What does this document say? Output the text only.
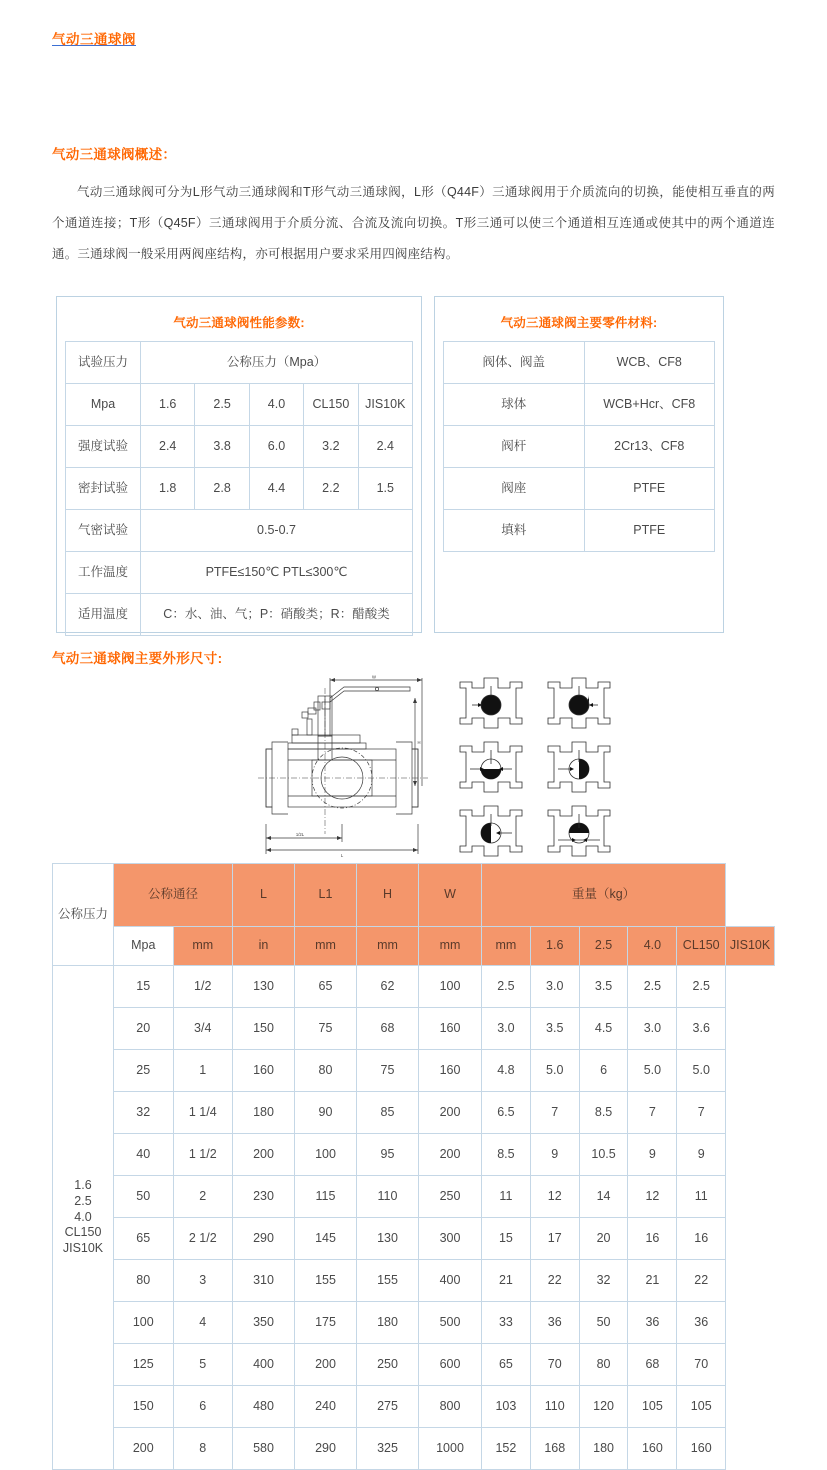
气动三通球阀
气动三通球阀概述：

气动三通球阀可分为L形气动三通球阀和T形气动三通球阀，L形（Q44F）三通球阀用于介质流向的切换，能使相互垂直的两个通道连接；T形（Q45F）三通球阀用于介质分流、合流及流向切换。T形三通可以使三个通道相互连通或使其中的两个通道连通。三通球阀一般采用两阀座结构，亦可根据用户要求采用四阀座结构。

气动三通球阀性能参数:
试验压力	公称压力（Mpa）				
Mpa	1.6	2.5	4.0	CL150	JIS10K
强度试验	2.4	3.8	6.0	3.2	2.4
密封试验	1.8	2.8	4.4	2.2	1.5
气密试验	0.5-0.7				
工作温度	PTFE≤150℃ PTL≤300℃				
适用温度	C：水、油、气；P：硝酸类；R：醋酸类				
气动三通球阀主要零件材料:
阀体、阀盖	WCB、CF8
球体	WCB+Hcr、CF8
阀杆	2Cr13、CF8
阀座	PTFE
填料	PTFE
气动三通球阀主要外形尺寸:
W
H
L
1/2L
公称压力	公称通径		L	L1	H	W	重量（kg）					
	Mpa	mm	in	mm	mm	mm	mm	1.6	2.5	4.0	CL150	JIS10K

1.6
2.5
4.0
CL150
JIS10K	15	1/2	130	65	62	100	2.5	3.0	3.5	2.5	2.5	
	20	3/4	150	75	68	160	3.0	3.5	4.5	3.0	3.6	
	25	1	160	80	75	160	4.8	5.0	6	5.0	5.0	
	32	1 1/4	180	90	85	200	6.5	7	8.5	7	7	
	40	1 1/2	200	100	95	200	8.5	9	10.5	9	9	
	50	2	230	115	110	250	11	12	14	12	11	
	65	2 1/2	290	145	130	300	15	17	20	16	16	
	80	3	310	155	155	400	21	22	32	21	22	
	100	4	350	175	180	500	33	36	50	36	36	
	125	5	400	200	250	600	65	70	80	68	70	
	150	6	480	240	275	800	103	110	120	105	105	
	200	8	580	290	325	1000	152	168	180	160	160	
